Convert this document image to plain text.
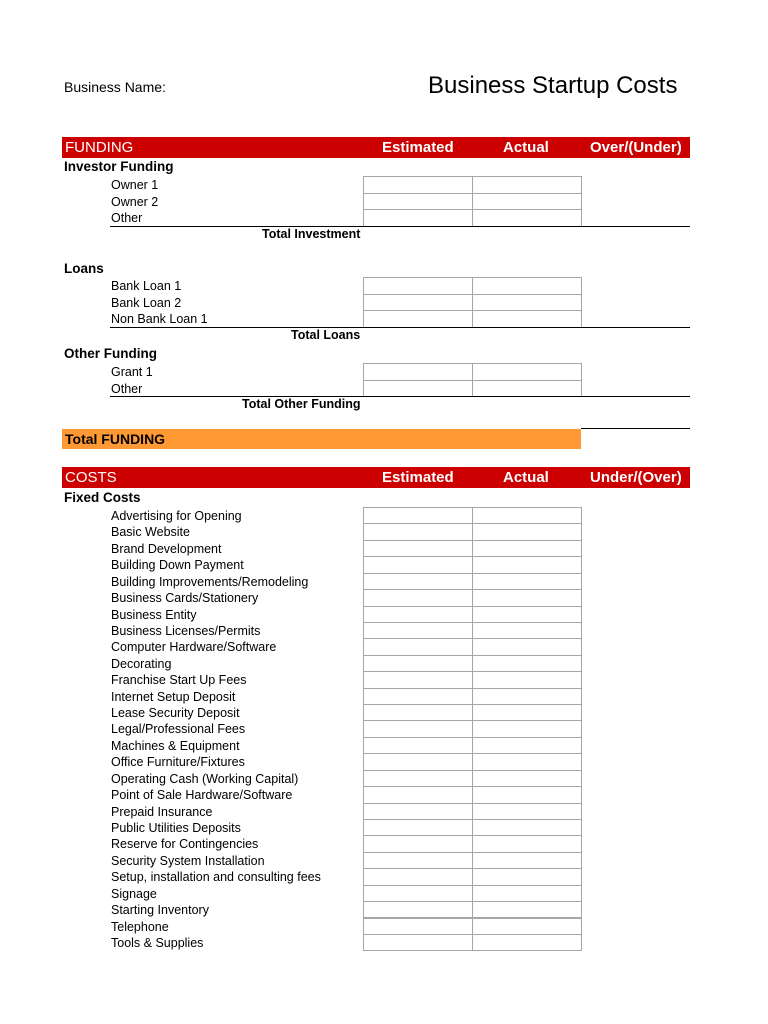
Business Name:	Business Startup Costs
FUNDING	Estimated	Actual	Over/(Under)
Investor Funding
Owner 1
Owner 2
Other
Total Investment
Loans
Bank Loan 1
Bank Loan 2
Non Bank Loan 1
Total Loans
Other Funding
Grant 1
Other
Total Other Funding
Total FUNDING
COSTS	Estimated	Actual	Under/(Over)
Fixed Costs
Advertising for Opening
Basic Website
Brand Development
Building Down Payment
Building Improvements/Remodeling
Business Cards/Stationery
Business Entity
Business Licenses/Permits
Computer Hardware/Software
Decorating
Franchise Start Up Fees
Internet Setup Deposit
Lease Security Deposit
Legal/Professional Fees
Machines & Equipment
Office Furniture/Fixtures
Operating Cash (Working Capital)
Point of Sale Hardware/Software
Prepaid Insurance
Public Utilities Deposits
Reserve for Contingencies
Security System Installation
Setup, installation and consulting fees
Signage
Starting Inventory
Telephone
Tools & Supplies
